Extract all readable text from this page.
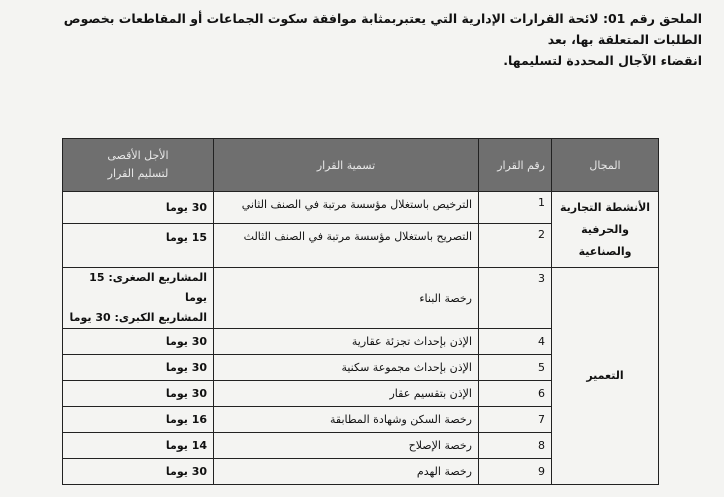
الملحق رقم 01: لائحة القرارات الإدارية التي يعتبربمثابة موافقة سكوت الجماعات أو المقاطعات بخصوص الطلبات المتعلقة بها، بعد
انقضاء الآجال المحددة لتسليمها.
المجال	رقم القرار	تسمية القرار	الأجل الأقصى
لتسليم القرار

الأنشطة التجارية والحرفية والصناعية	1	الترخيص باستغلال مؤسسة مرتبة في الصنف الثاني	30 يوما
	2	التصريح باستغلال مؤسسة مرتبة في الصنف الثالث	15 يوما
التعمير	3	رخصة البناء	المشاريع الصغرى: 15 يوما
المشاريع الكبرى: 30 يوما

	4	الإذن بإحداث تجزئة عقارية	30 يوما
	5	الإذن بإحداث مجموعة سكنية	30 يوما
	6	الإذن بتقسيم عقار	30 يوما
	7	رخصة السكن وشهادة المطابقة	16 يوما
	8	رخصة الإصلاح	14 يوما
	9	رخصة الهدم	30 يوما
